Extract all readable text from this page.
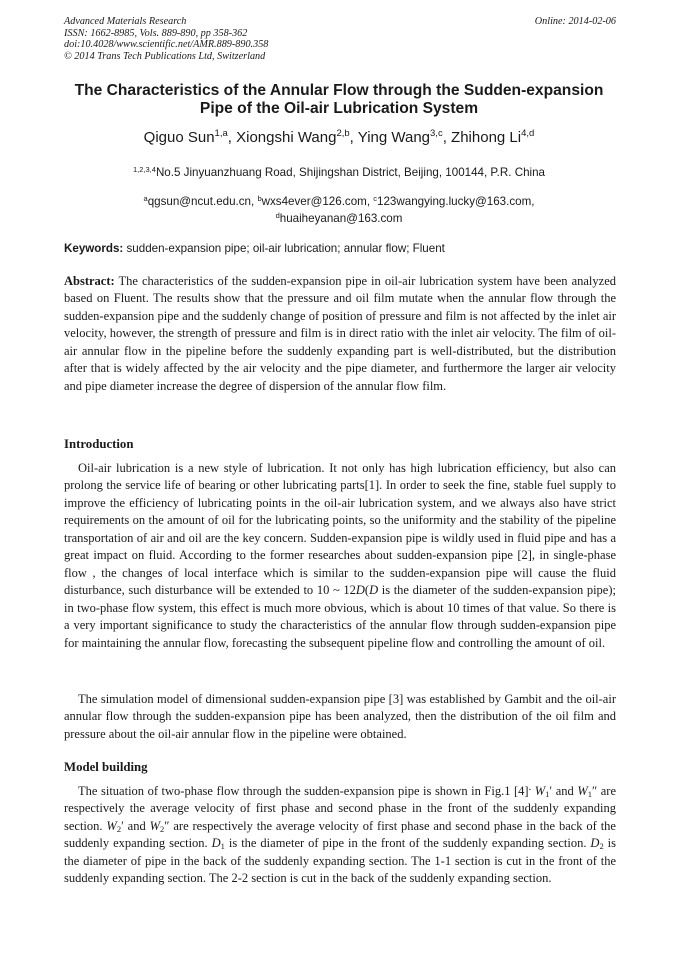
Advanced Materials Research
ISSN: 1662-8985, Vols. 889-890, pp 358-362
doi:10.4028/www.scientific.net/AMR.889-890.358
© 2014 Trans Tech Publications Ltd, Switzerland
Online: 2014-02-06
The Characteristics of the Annular Flow through the Sudden-expansion
Pipe of the Oil-air Lubrication System
Qiguo Sun$^{1,a}$, Xiongshi Wang$^{2,b}$, Ying Wang$^{3,c}$, Zhihong Li$^{4,d}$
$^{1,2,3,4}$No.5 Jinyuanzhuang Road, Shijingshan District, Beijing, 100144, P.R. China
$^a$qgsun@ncut.edu.cn, $^b$wxs4ever@126.com, $^c$123wangying.lucky@163.com,
$^d$huaiheyanan@163.com
Keywords: sudden-expansion pipe; oil-air lubrication; annular flow; Fluent
Abstract: The characteristics of the sudden-expansion pipe in oil-air lubrication system have been analyzed based on Fluent. The results show that the pressure and oil film mutate when the annular flow through the sudden-expansion pipe and the suddenly change of position of pressure and film is not affected by the inlet air velocity, however, the strength of pressure and film is in direct ratio with the inlet air velocity. The film of oil-air annular flow in the pipeline before the suddenly expanding part is well-distributed, but the distribution after that is widely affected by the air velocity and the pipe diameter, and furthermore the larger air velocity and pipe diameter increase the degree of dispersion of the annular flow film.
Introduction
Oil-air lubrication is a new style of lubrication. It not only has high lubrication efficiency, but also can prolong the service life of bearing or other lubricating parts[1]. In order to seek the fine, stable fuel supply to improve the efficiency of lubricating points in the oil-air lubrication system, and we always also have strict requirements on the amount of oil for the lubricating points, so the uniformity and the stability of the pipeline transportation of air and oil are the key concern. Sudden-expansion pipe is wildly used in fluid pipe and has a great impact on fluid. According to the former researches about sudden-expansion pipe [2], in single-phase flow , the changes of local interface which is similar to the sudden-expansion pipe will cause the fluid disturbance, such disturbance will be extended to 10 ~ 12D(D is the diameter of the sudden-expansion pipe); in two-phase flow system, this effect is much more obvious, which is about 10 times of that value. So there is a very important significance to study the characteristics of the annular flow through sudden-expansion pipe for maintaining the annular flow, forecasting the subsequent pipeline flow and controlling the amount of oil.
The simulation model of dimensional sudden-expansion pipe [3] was established by Gambit and the oil-air annular flow through the sudden-expansion pipe has been analyzed, then the distribution of the oil film and pressure about the oil-air annular flow in the pipeline were obtained.
Model building
The situation of two-phase flow through the sudden-expansion pipe is shown in Fig.1 [4]. $W_1'$ and $W_1''$ are respectively the average velocity of first phase and second phase in the front of the suddenly expanding section. $W_2'$ and $W_2''$ are respectively the average velocity of first phase and second phase in the back of the suddenly expanding section. $D_1$ is the diameter of pipe in the front of the suddenly expanding section. $D_2$ is the diameter of pipe in the back of the suddenly expanding section. The 1-1 section is cut in the front of the suddenly expanding section. The 2-2 section is cut in the back of the suddenly expanding section.
